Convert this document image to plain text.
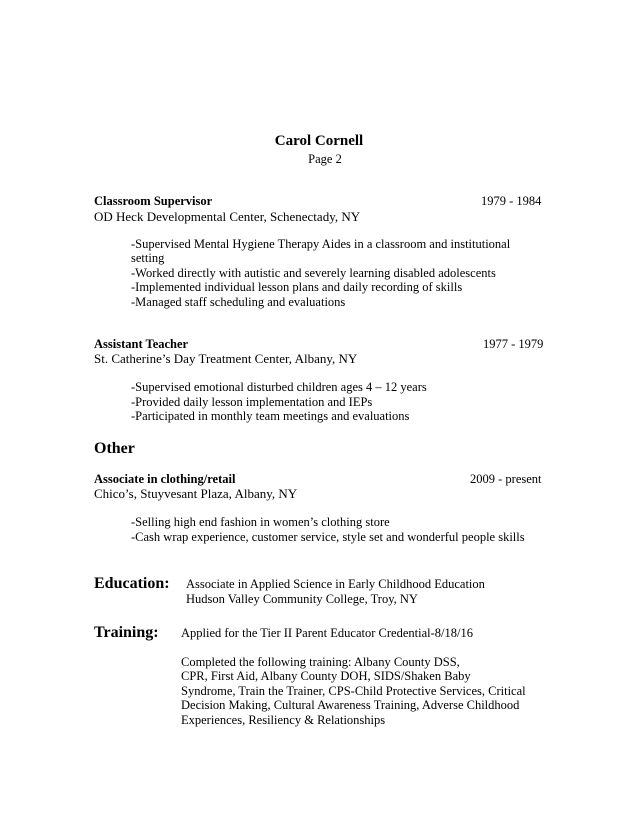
Carol Cornell
Page 2
Classroom Supervisor	1979 - 1984
OD Heck Developmental Center, Schenectady, NY
-Supervised Mental Hygiene Therapy Aides in a classroom and institutional
setting
-Worked directly with autistic and severely learning disabled adolescents
-Implemented individual lesson plans and daily recording of skills
-Managed staff scheduling and evaluations
Assistant Teacher	1977 - 1979
St. Catherine’s Day Treatment Center, Albany, NY
-Supervised emotional disturbed children ages 4 – 12 years
-Provided daily lesson implementation and IEPs
-Participated in monthly team meetings and evaluations
Other
Associate in clothing/retail	2009 - present
Chico’s, Stuyvesant Plaza, Albany, NY
-Selling high end fashion in women’s clothing store
-Cash wrap experience, customer service, style set and wonderful people skills
Education: Associate in Applied Science in Early Childhood Education
Hudson Valley Community College, Troy, NY
Training: Applied for the Tier II Parent Educator Credential-8/18/16
Completed the following training: Albany County DSS,
CPR, First Aid, Albany County DOH, SIDS/Shaken Baby
Syndrome, Train the Trainer, CPS-Child Protective Services, Critical
Decision Making, Cultural Awareness Training, Adverse Childhood
Experiences, Resiliency & Relationships
